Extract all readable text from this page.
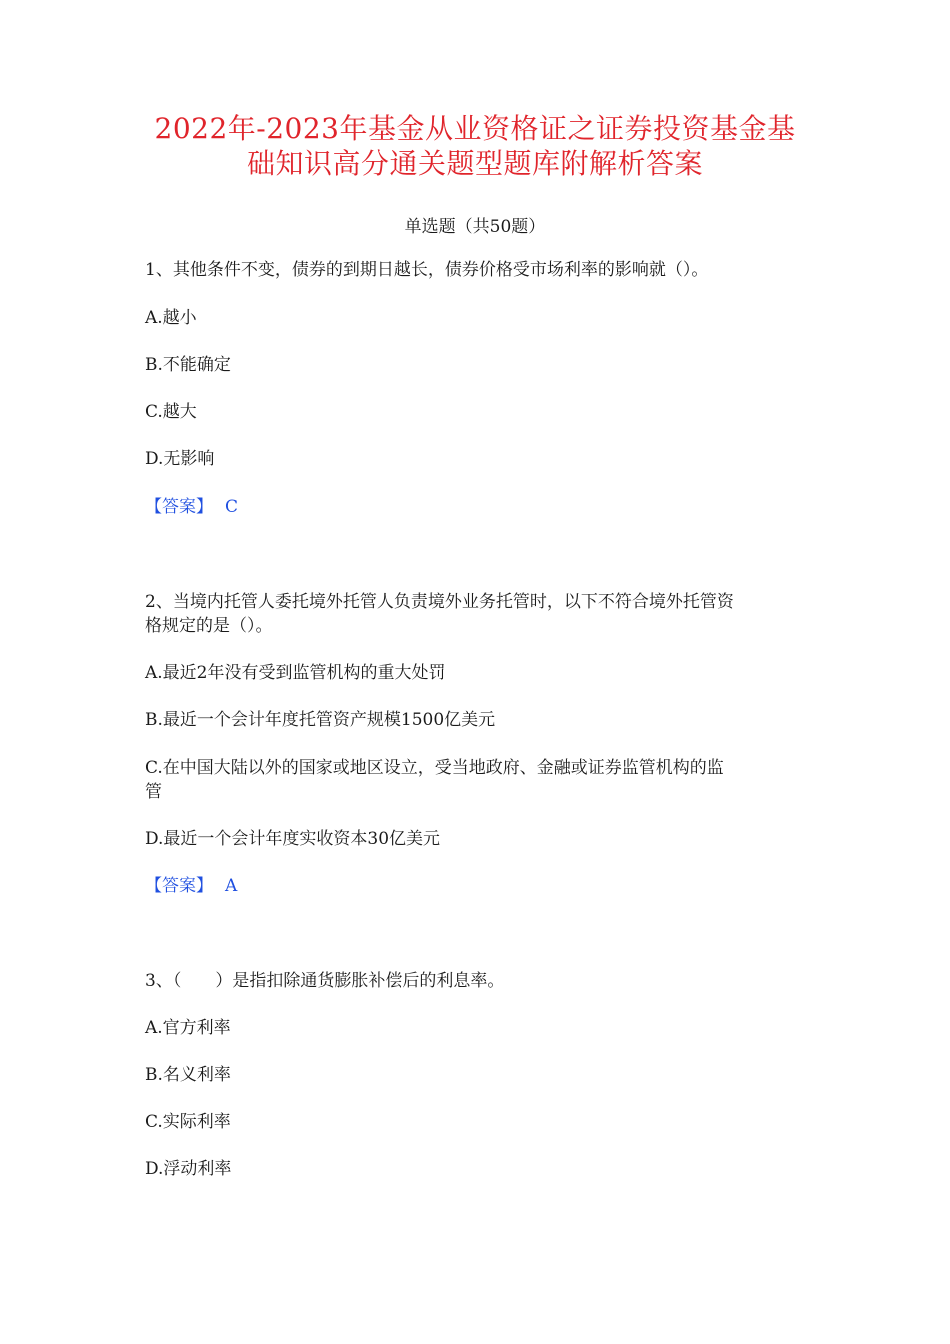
2022年-2023年基金从业资格证之证券投资基金基
础知识高分通关题型题库附解析答案
单选题（共50题）
1、其他条件不变，债券的到期日越长，债券价格受市场利率的影响就（）。
A.越小
B.不能确定
C.越大
D.无影响
【答案】 C
2、当境内托管人委托境外托管人负责境外业务托管时，以下不符合境外托管资
格规定的是（）。
A.最近2年没有受到监管机构的重大处罚
B.最近一个会计年度托管资产规模1500亿美元
C.在中国大陆以外的国家或地区设立，受当地政府、金融或证券监管机构的监
管
D.最近一个会计年度实收资本30亿美元
【答案】 A
3、（　　）是指扣除通货膨胀补偿后的利息率。
A.官方利率
B.名义利率
C.实际利率
D.浮动利率
